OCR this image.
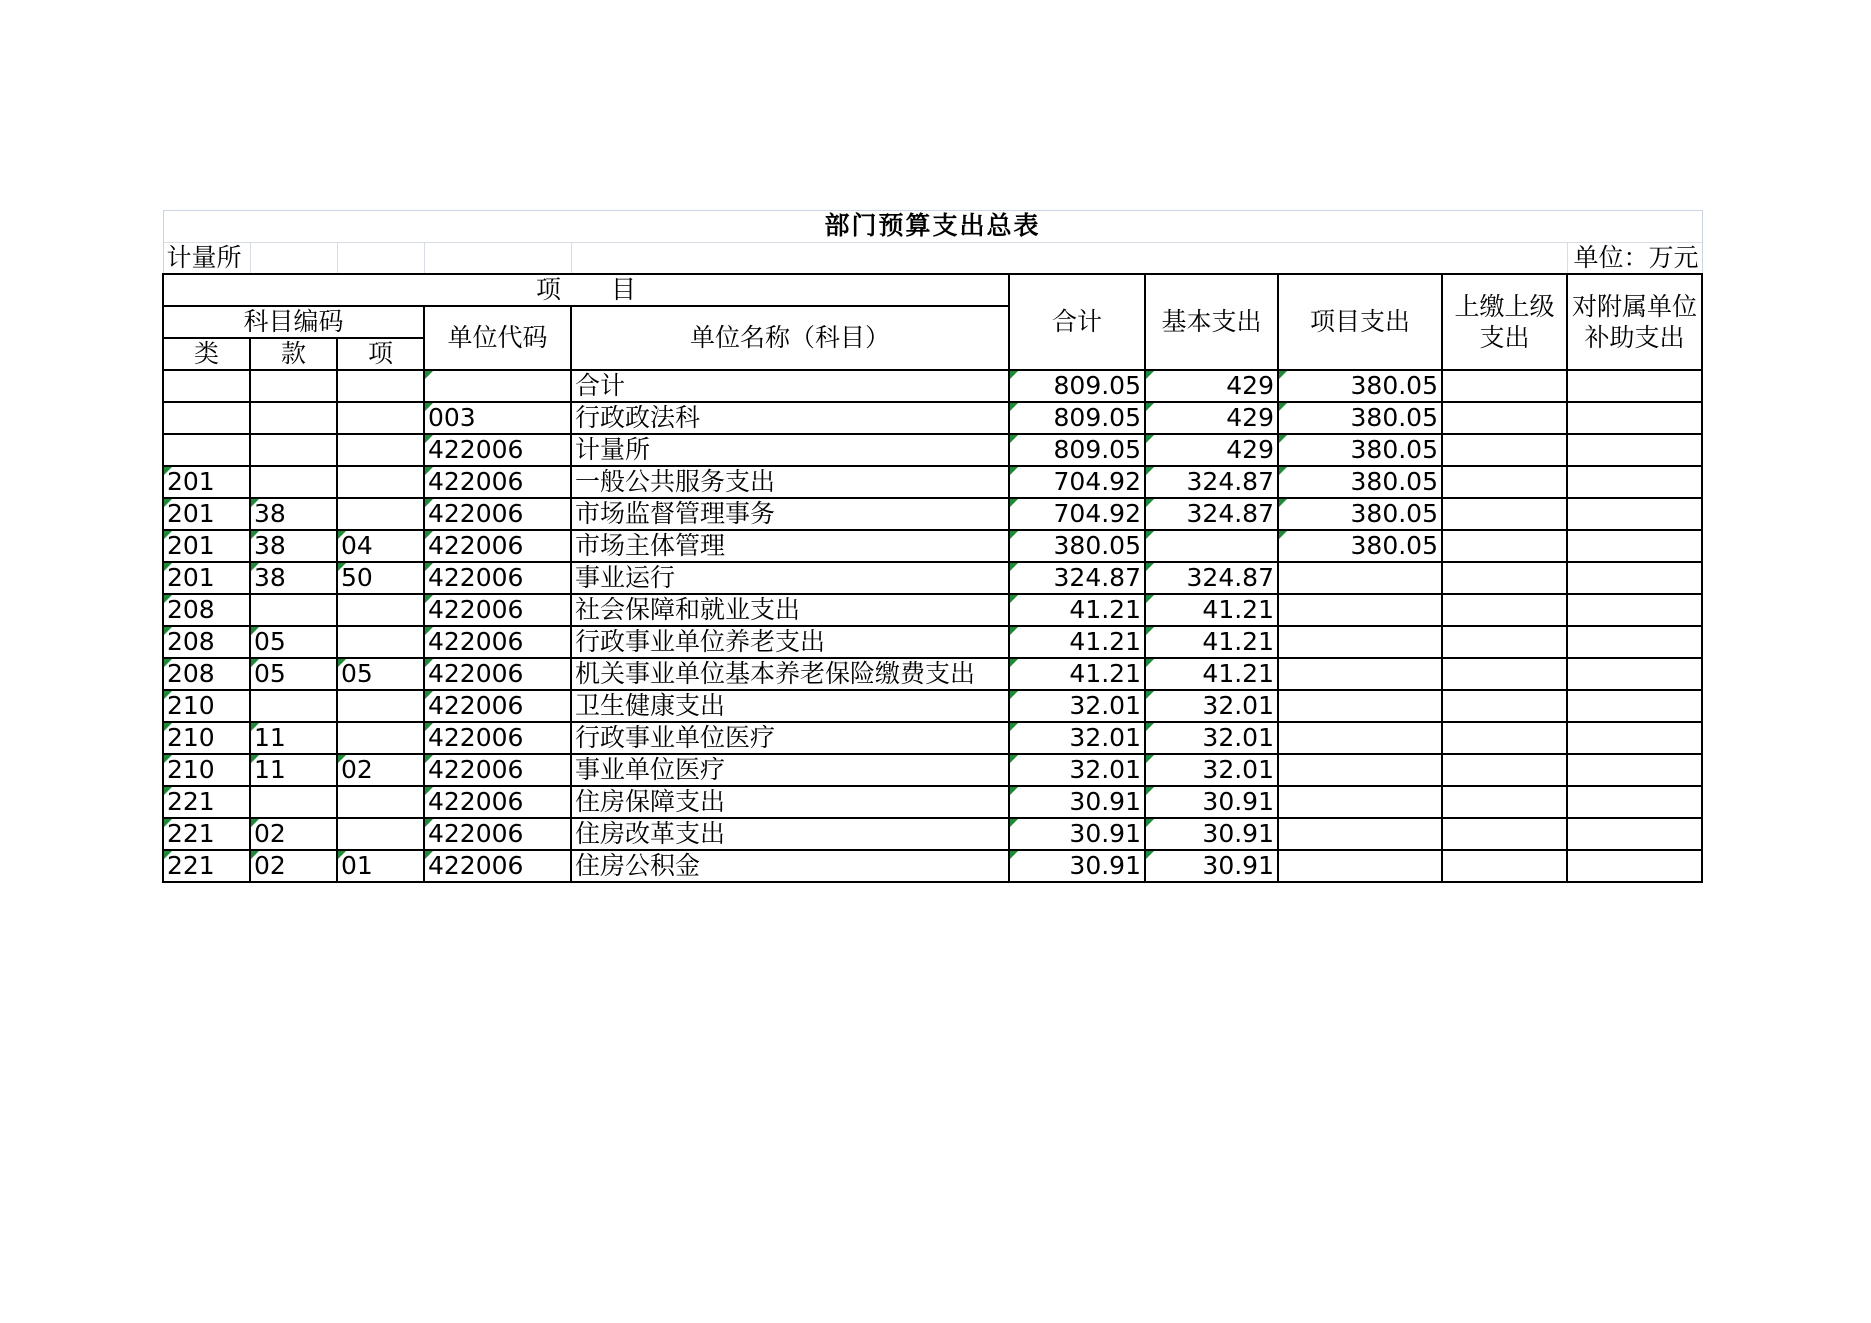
部门预算支出总表									
计量所									单位：万元
项　　目					合计	基本支出	项目支出	上缴上级支出	对附属单位补助支出
科目编码			单位代码	单位名称（科目）					
类	款	项							
				合计	809.05	429	380.05		
			003	行政政法科	809.05	429	380.05		
			422006	计量所	809.05	429	380.05		
201			422006	一般公共服务支出	704.92	324.87	380.05		
201	38		422006	市场监督管理事务	704.92	324.87	380.05		
201	38	04	422006	市场主体管理	380.05		380.05		
201	38	50	422006	事业运行	324.87	324.87			
208			422006	社会保障和就业支出	41.21	41.21			
208	05		422006	行政事业单位养老支出	41.21	41.21			
208	05	05	422006	机关事业单位基本养老保险缴费支出	41.21	41.21			
210			422006	卫生健康支出	32.01	32.01			
210	11		422006	行政事业单位医疗	32.01	32.01			
210	11	02	422006	事业单位医疗	32.01	32.01			
221			422006	住房保障支出	30.91	30.91			
221	02		422006	住房改革支出	30.91	30.91			
221	02	01	422006	住房公积金	30.91	30.91			
